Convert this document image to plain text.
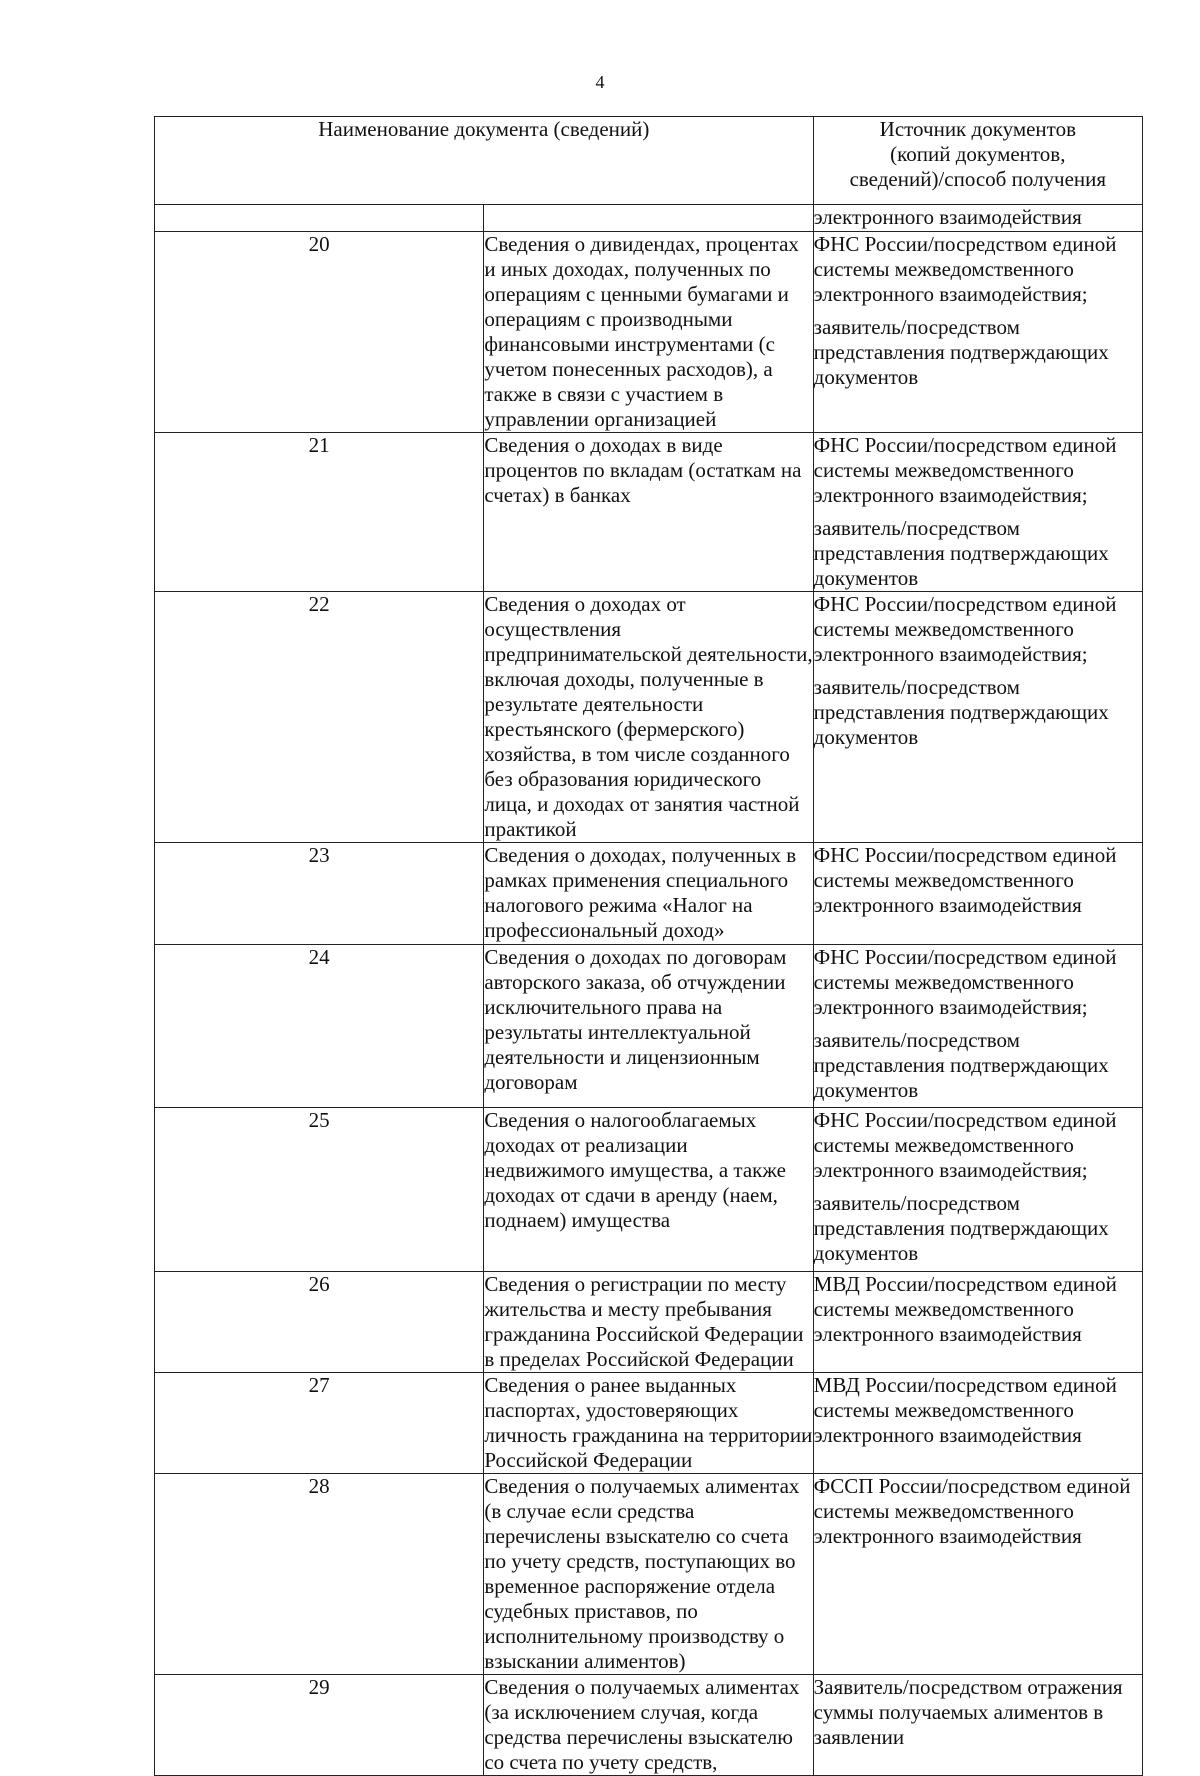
4
Наименование документа (сведений)		Источник документов
(копий документов,
сведений)/способ получения

		электронного взаимодействия

20	Сведения о дивидендах, процентах и иных доходах, полученных по операциям с ценными бумагами и операциям с производными финансовыми инструментами (с учетом понесенных расходов), а также в связи с участием в управлении организацией	ФНС России/посредством единой системы межведомственного электронного взаимодействия;
заявитель/посредством представления подтверждающих документов

21	Сведения о доходах в виде процентов по вкладам (остаткам на счетах) в банках	ФНС России/посредством единой системы межведомственного электронного взаимодействия;
заявитель/посредством представления подтверждающих документов

22	Сведения о доходах от осуществления предпринимательской деятельности, включая доходы, полученные в результате деятельности крестьянского (фермерского) хозяйства, в том числе созданного без образования юридического лица, и доходах от занятия частной практикой	ФНС России/посредством единой системы межведомственного электронного взаимодействия;
заявитель/посредством представления подтверждающих документов

23	Сведения о доходах, полученных в рамках применения специального налогового режима «Налог на профессиональный доход»	ФНС России/посредством единой системы межведомственного электронного взаимодействия

24	Сведения о доходах по договорам авторского заказа, об отчуждении исключительного права на результаты интеллектуальной деятельности и лицензионным договорам	ФНС России/посредством единой системы межведомственного электронного взаимодействия;
заявитель/посредством представления подтверждающих документов

25	Сведения о налогооблагаемых доходах от реализации недвижимого имущества, а также доходах от сдачи в аренду (наем, поднаем) имущества	ФНС России/посредством единой системы межведомственного электронного взаимодействия;
заявитель/посредством представления подтверждающих документов

26	Сведения о регистрации по месту жительства и месту пребывания гражданина Российской Федерации в пределах Российской Федерации	МВД России/посредством единой системы межведомственного электронного взаимодействия

27	Сведения о ранее выданных паспортах, удостоверяющих личность гражданина на территории Российской Федерации	МВД России/посредством единой системы межведомственного электронного взаимодействия

28	Сведения о получаемых алиментах (в случае если средства перечислены взыскателю со счета по учету средств, поступающих во временное распоряжение отдела судебных приставов, по исполнительному производству о взыскании алиментов)	ФССП России/посредством единой системы межведомственного электронного взаимодействия

29	Сведения о получаемых алиментах (за исключением случая, когда средства перечислены взыскателю со счета по учету средств,	Заявитель/посредством отражения суммы получаемых алиментов в заявлении
